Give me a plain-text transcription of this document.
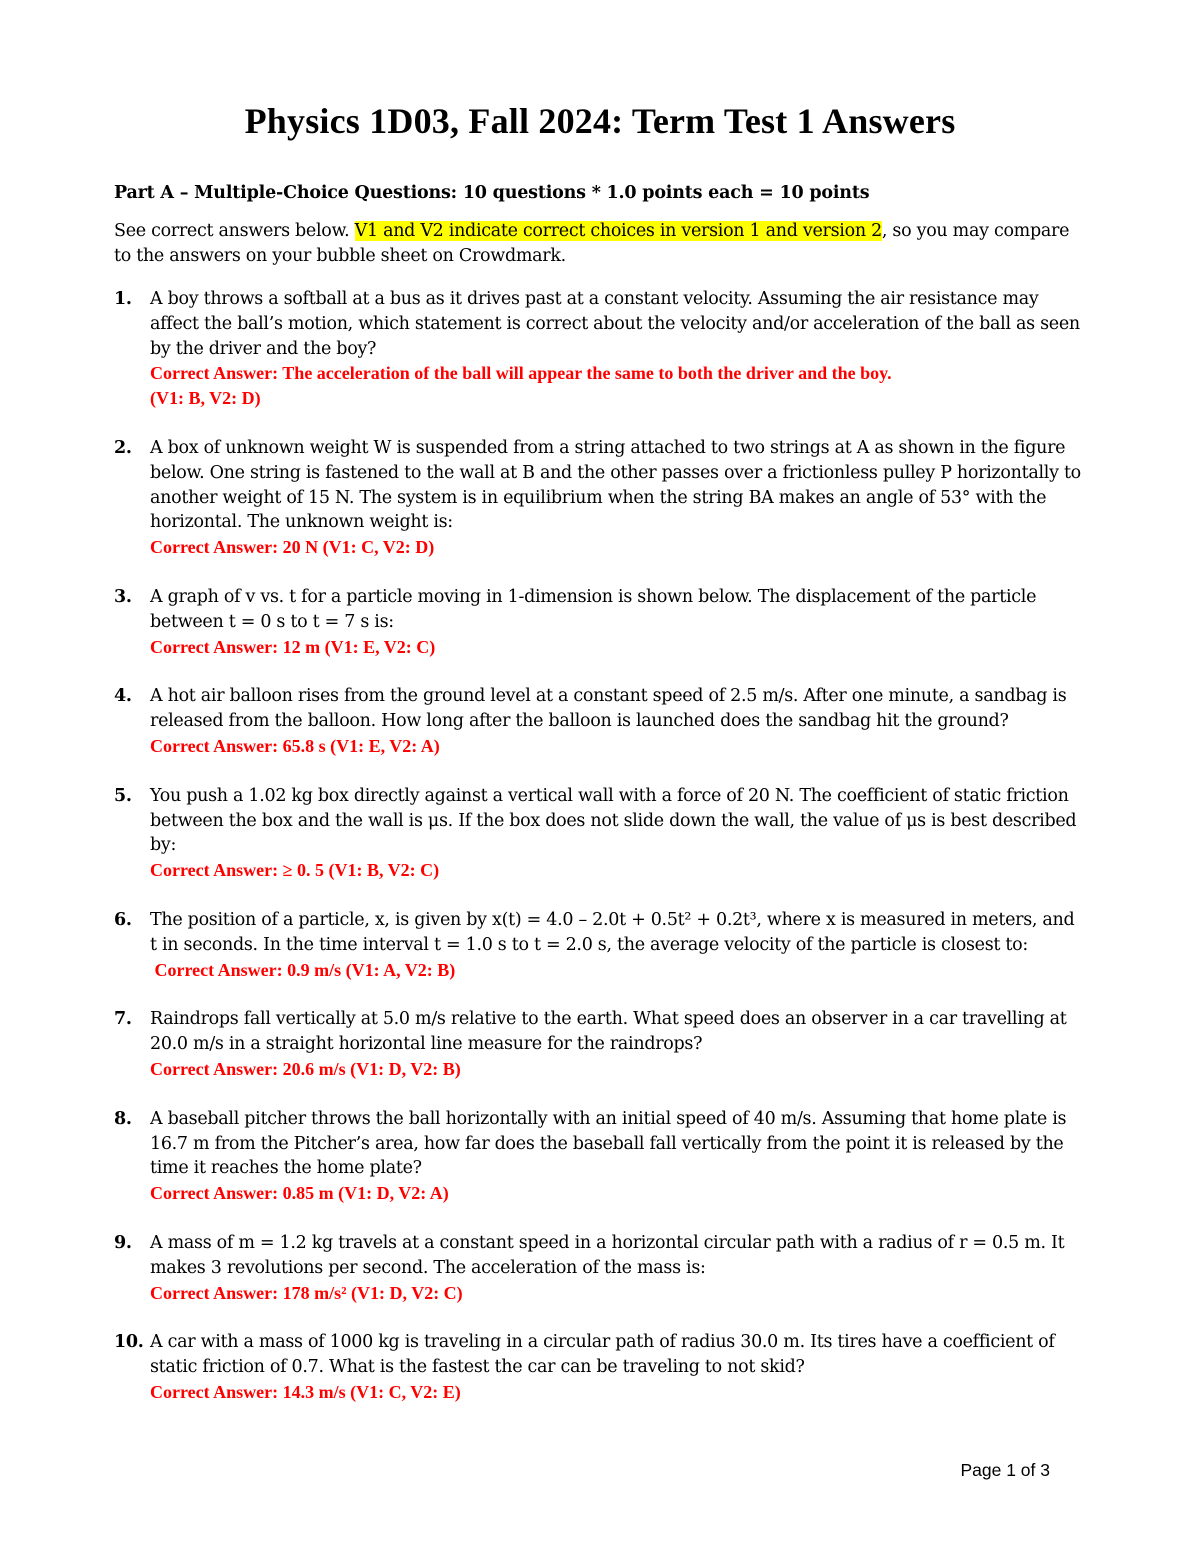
Physics 1D03, Fall 2024: Term Test 1 Answers

Part A – Multiple-Choice Questions: 10 questions * 1.0 points each = 10 points

See correct answers below. V1 and V2 indicate correct choices in version 1 and version 2, so you may compare to the answers on your bubble sheet on Crowdmark.

1.	A boy throws a softball at a bus as it drives past at a constant velocity. Assuming the air resistance may affect the ball’s motion, which statement is correct about the velocity and/or acceleration of the ball as seen by the driver and the boy?
Correct Answer: The acceleration of the ball will appear the same to both the driver and the boy.
(V1: B, V2: D)
2.	A box of unknown weight W is suspended from a string attached to two strings at A as shown in the figure below. One string is fastened to the wall at B and the other passes over a frictionless pulley P horizontally to another weight of 15 N. The system is in equilibrium when the string BA makes an angle of 53° with the horizontal. The unknown weight is:
Correct Answer: 20 N (V1: C, V2: D)
3.	A graph of v vs. t for a particle moving in 1-dimension is shown below. The displacement of the particle between t = 0 s to t = 7 s is:
Correct Answer: 12 m (V1: E, V2: C)
4.	A hot air balloon rises from the ground level at a constant speed of 2.5 m/s. After one minute, a sandbag is released from the balloon. How long after the balloon is launched does the sandbag hit the ground?
Correct Answer: 65.8 s (V1: E, V2: A)
5.	You push a 1.02 kg box directly against a vertical wall with a force of 20 N. The coefficient of static friction between the box and the wall is μs. If the box does not slide down the wall, the value of μs is best described by:
Correct Answer: ≥ 0. 5 (V1: B, V2: C)
6.	The position of a particle, x, is given by x(t) = 4.0 – 2.0t + 0.5t² + 0.2t³, where x is measured in meters, and t in seconds. In the time interval t = 1.0 s to t = 2.0 s, the average velocity of the particle is closest to:
Correct Answer: 0.9 m/s (V1: A, V2: B)
7.	Raindrops fall vertically at 5.0 m/s relative to the earth. What speed does an observer in a car travelling at 20.0 m/s in a straight horizontal line measure for the raindrops?
Correct Answer: 20.6 m/s (V1: D, V2: B)
8.	A baseball pitcher throws the ball horizontally with an initial speed of 40 m/s. Assuming that home plate is 16.7 m from the Pitcher’s area, how far does the baseball fall vertically from the point it is released by the time it reaches the home plate?
Correct Answer: 0.85 m (V1: D, V2: A)
9.	A mass of m = 1.2 kg travels at a constant speed in a horizontal circular path with a radius of r = 0.5 m. It makes 3 revolutions per second. The acceleration of the mass is:
Correct Answer: 178 m/s² (V1: D, V2: C)
10. A car with a mass of 1000 kg is traveling in a circular path of radius 30.0 m. Its tires have a coefficient of static friction of 0.7. What is the fastest the car can be traveling to not skid?
Correct Answer: 14.3 m/s (V1: C, V2: E)
Page 1 of 3
